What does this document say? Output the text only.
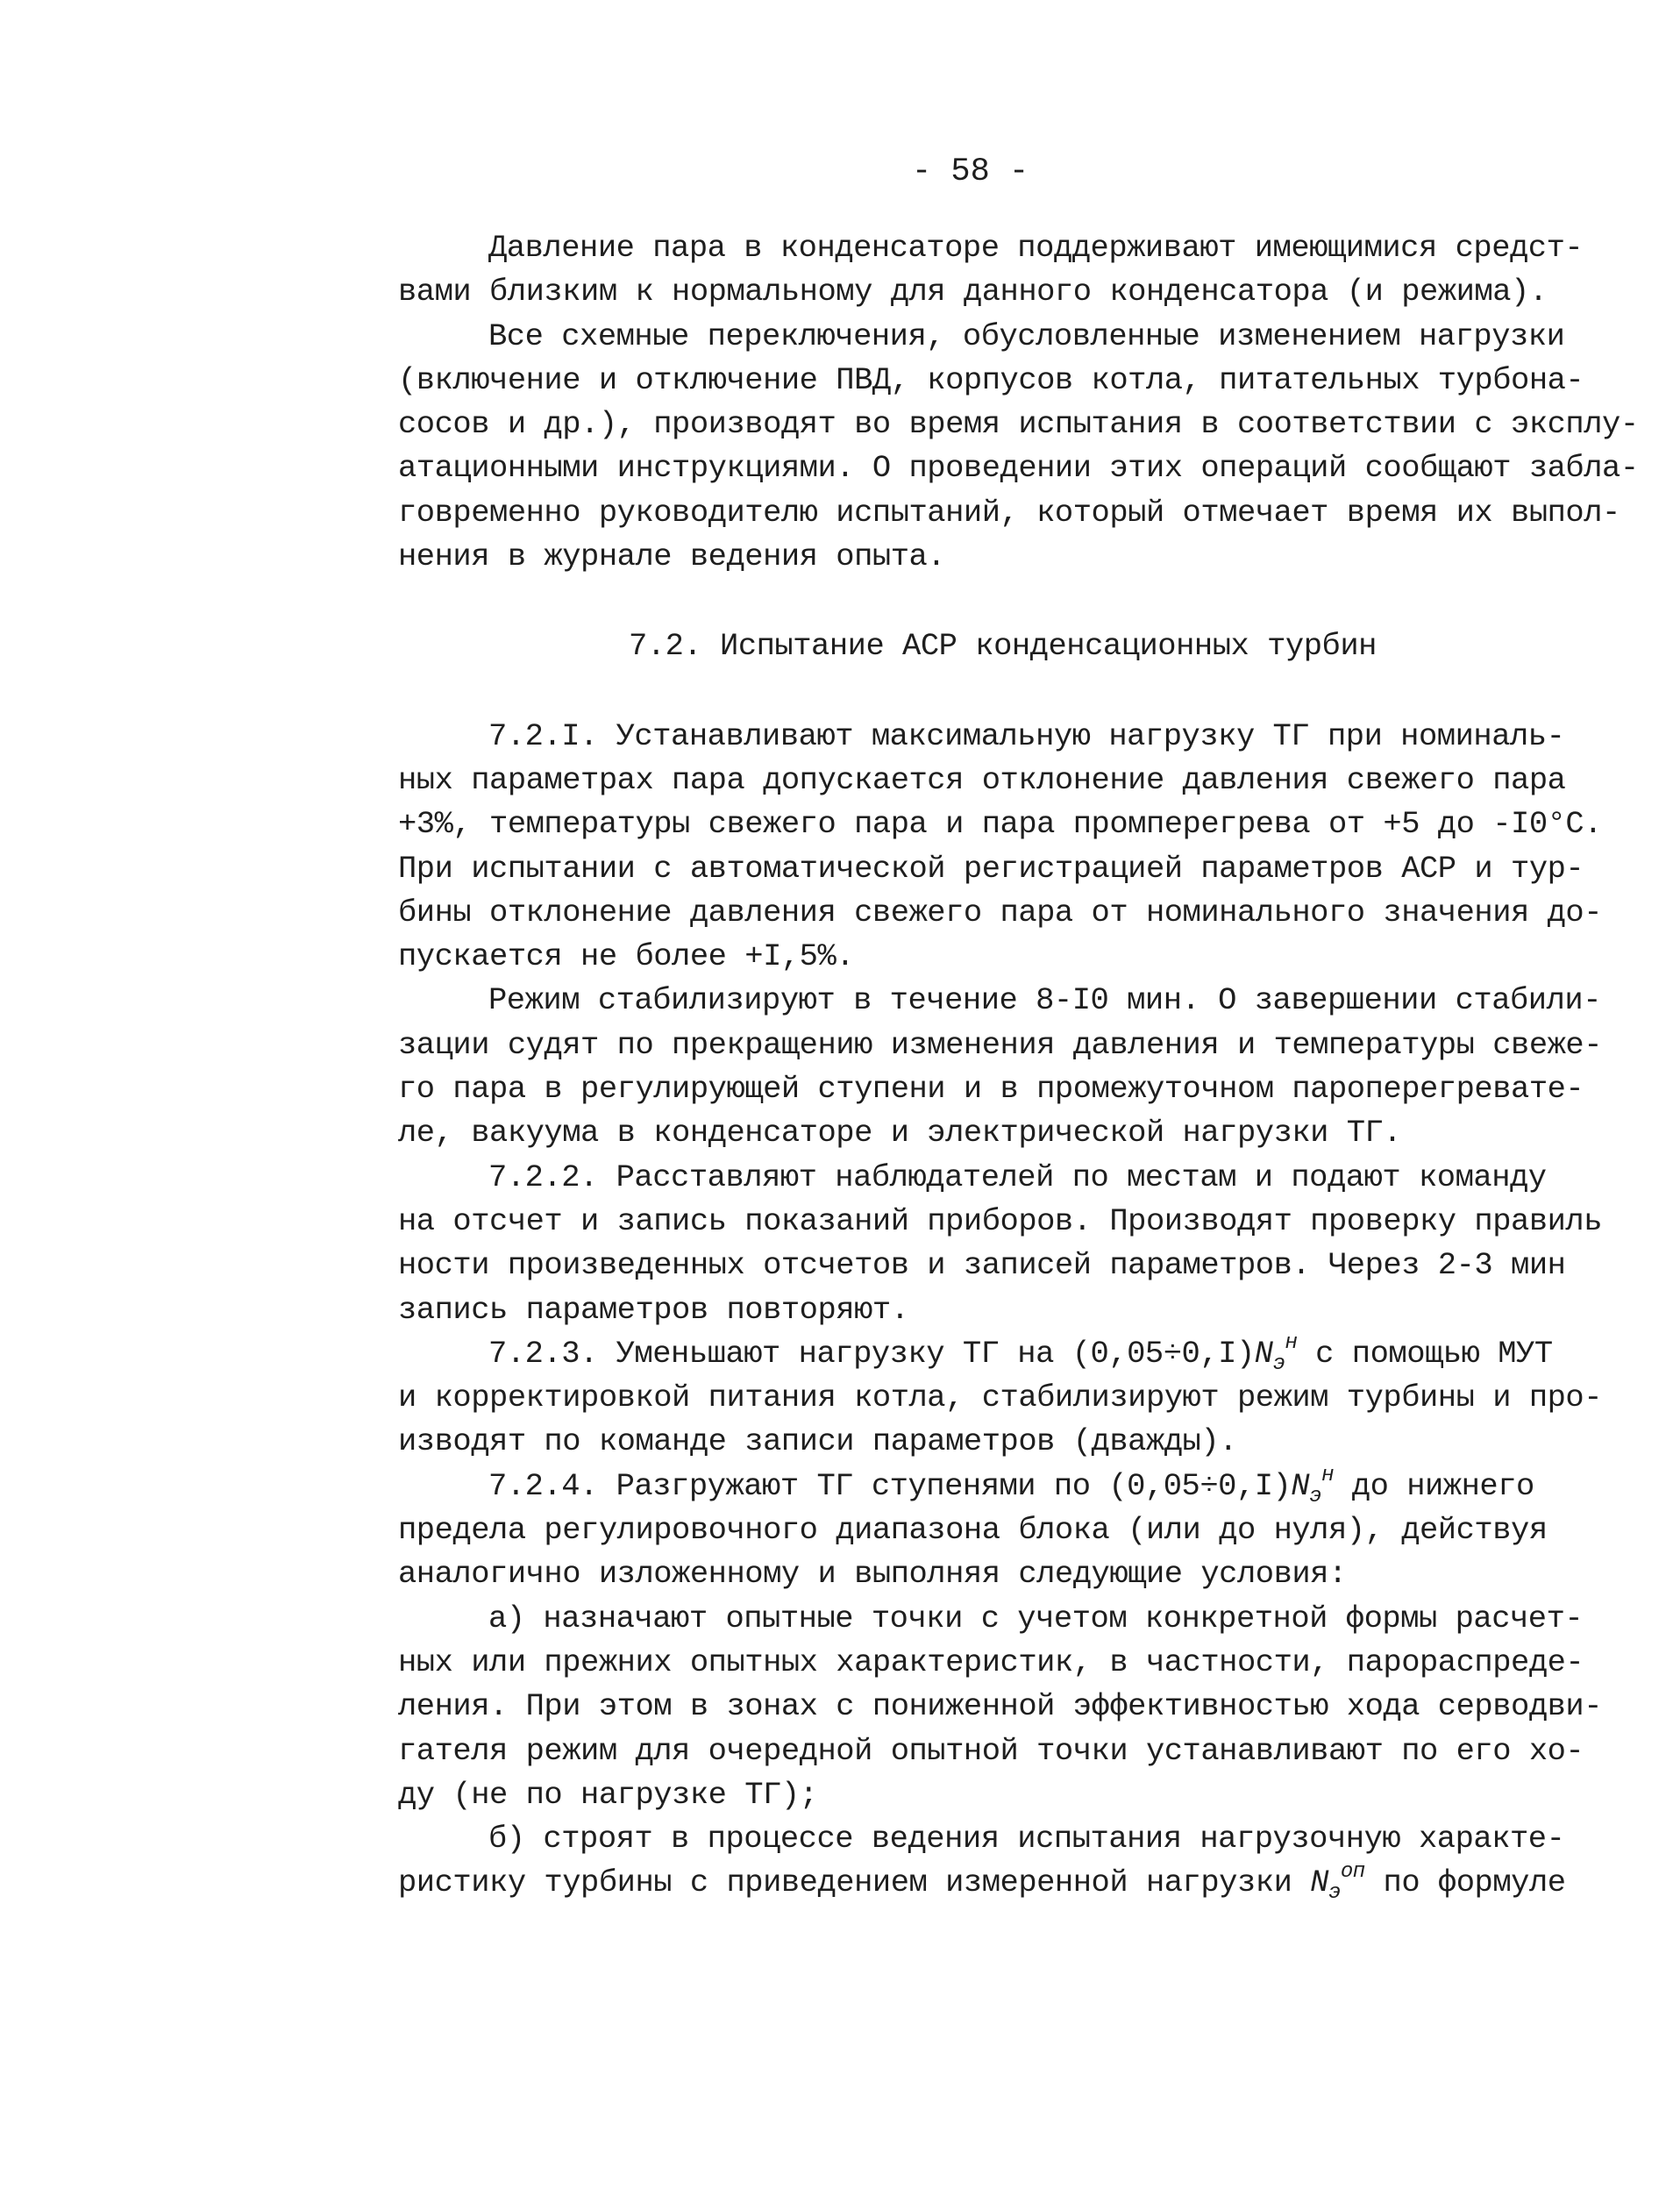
- 58 -
Давление пара в конденсаторе поддерживают имеющимися средст-
вами близким к нормальному для данного конденсатора (и режима).
Все схемные переключения, обусловленные изменением нагрузки
(включение и отключение ПВД, корпусов котла, питательных турбона-
сосов и др.), производят во время испытания в соответствии с эксплу-
атационными инструкциями. О проведении этих операций сообщают забла-
говременно руководителю испытаний, который отмечает время их выпол-
нения в журнале ведения опыта.
7.2. Испытание АСР конденсационных турбин
7.2.I. Устанавливают максимальную нагрузку ТГ при номиналь-
ных параметрах пара допускается отклонение давления свежего пара
+3%, температуры свежего пара и пара промперегрева от +5 до -I0°С.
При испытании с автоматической регистрацией параметров АСР и тур-
бины отклонение давления свежего пара от номинального значения до-
пускается не более +I,5%.
Режим стабилизируют в течение 8-I0 мин. О завершении стабили-
зации судят по прекращению изменения давления и температуры свеже-
го пара в регулирующей ступени и в промежуточном пароперегревате-
ле, вакуума в конденсаторе и электрической нагрузки ТГ.
7.2.2. Расставляют наблюдателей по местам и подают команду
на отсчет и запись показаний приборов. Производят проверку правиль
ности произведенных отсчетов и записей параметров. Через 2-3 мин
запись параметров повторяют.
7.2.3. Уменьшают нагрузку ТГ на $(0,05\div 0,I)N_э^н$ с помощью МУТ
и корректировкой питания котла, стабилизируют режим турбины и про-
изводят по команде записи параметров (дважды).
7.2.4. Разгружают ТГ ступенями по $(0,05\div 0,I)N_э^н$ до нижнего
предела регулировочного диапазона блока (или до нуля), действуя
аналогично изложенному и выполняя следующие условия:
а) назначают опытные точки с учетом конкретной формы расчет-
ных или прежних опытных характеристик, в частности, парораспреде-
ления. При этом в зонах с пониженной эффективностью хода серводви-
гателя режим для очередной опытной точки устанавливают по его хо-
ду (не по нагрузке ТГ);
б) строят в процессе ведения испытания нагрузочную характе-
ристику турбины с приведением измеренной нагрузки $N_э^{оп}$ по формуле
